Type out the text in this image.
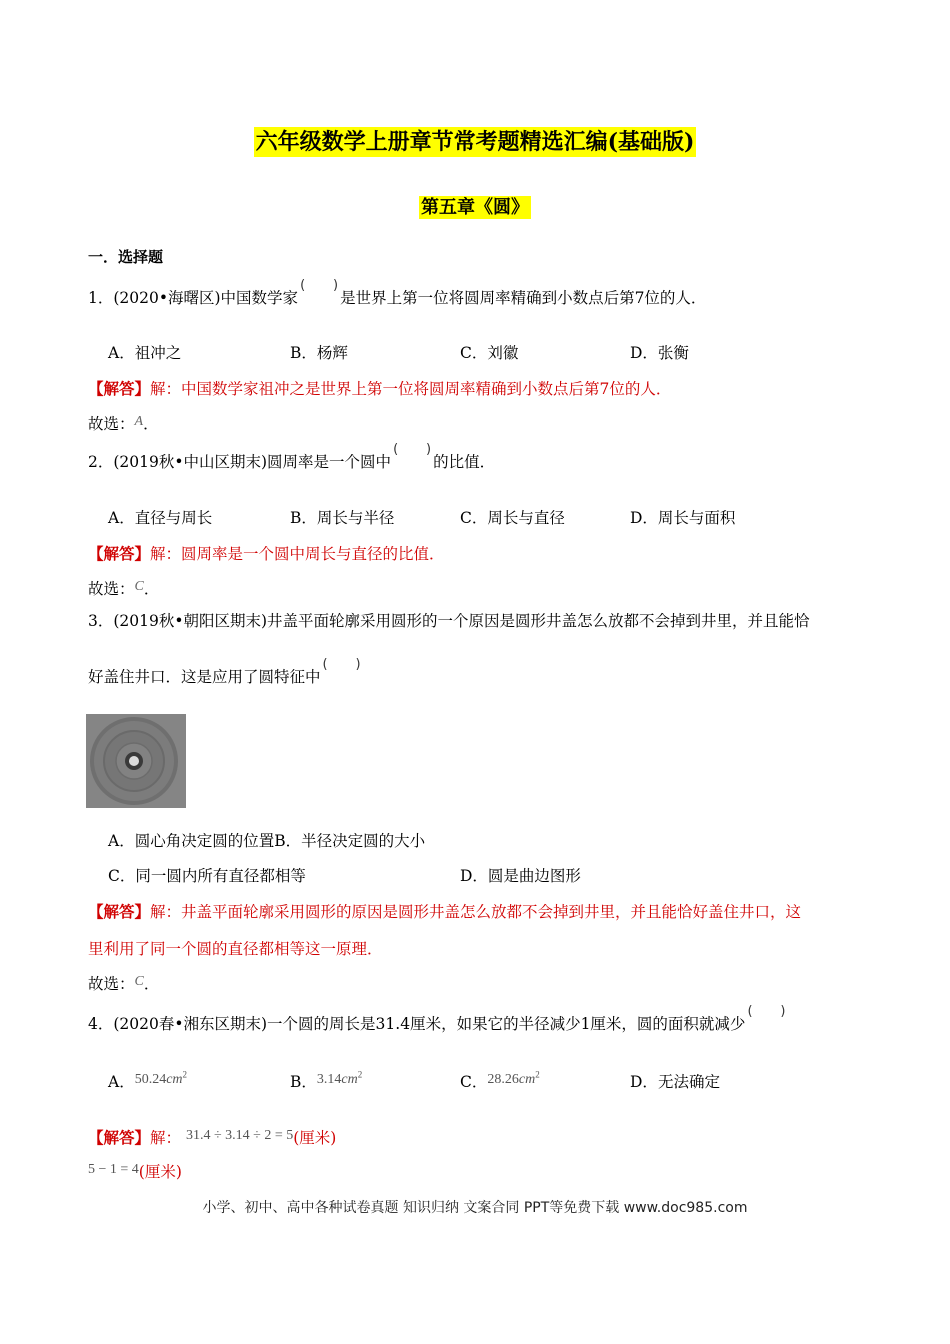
六年级数学上册章节常考题精选汇编(基础版)
第五章《圆》
一．选择题
1．(2020•海曙区)中国数学家 ( )	是世界上第一位将圆周率精确到小数点后第7位的人．
A．祖冲之	B．杨辉	C．刘徽	D．张衡
【解答】解：中国数学家祖冲之是世界上第一位将圆周率精确到小数点后第7位的人．
故选：A．
2．(2019秋•中山区期末)圆周率是一个圆中 ( )	的比值．
A．直径与周长	B．周长与半径	C．周长与直径	D．周长与面积
【解答】解：圆周率是一个圆中周长与直径的比值．
故选：C．
3．(2019秋•朝阳区期末)井盖平面轮廓采用圆形的一个原因是圆形井盖怎么放都不会掉到井里，并且能恰
好盖住井口．这是应用了圆特征中( )
A．圆心角决定圆的位置B．半径决定圆的大小
C．同一圆内所有直径都相等	D．圆是曲边图形
【解答】解：井盖平面轮廓采用圆形的原因是圆形井盖怎么放都不会掉到井里，并且能恰好盖住井口，这
里利用了同一个圆的直径都相等这一原理．
故选：C．
4．(2020春•湘东区期末)一个圆的周长是31.4厘米，如果它的半径减少1厘米，圆的面积就减少( )
A．$50.24cm^2$	B．$3.14cm^2$	C．$28.26cm^2$	D．无法确定
【解答】解： 31.4 ÷ 3.14 ÷ 2 = 5(厘米)
5 − 1 = 4(厘米)
小学、初中、高中各种试卷真题 知识归纳 文案合同 PPT等免费下载 www.doc985.com
